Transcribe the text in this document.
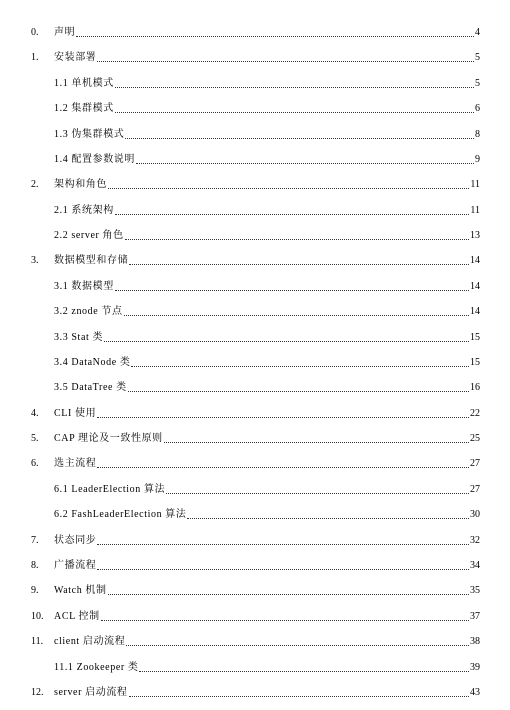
0. 声明	4
1. 安装部署	5
1.1 单机模式	5
1.2 集群模式	6
1.3 伪集群模式	8
1.4 配置参数说明	9
2. 架构和角色	11
2.1 系统架构	11
2.2 server 角色	13
3. 数据模型和存储	14
3.1 数据模型	14
3.2 znode 节点	14
3.3 Stat 类	15
3.4 DataNode 类	15
3.5 DataTree 类	16
4. CLI 使用	22
5. CAP 理论及一致性原则	25
6. 选主流程	27
6.1 LeaderElection 算法	27
6.2 FashLeaderElection 算法	30
7. 状态同步	32
8. 广播流程	34
9. Watch 机制	35
10. ACL 控制	37
11. client 启动流程	38
11.1 Zookeeper 类	39
12. server 启动流程	43
